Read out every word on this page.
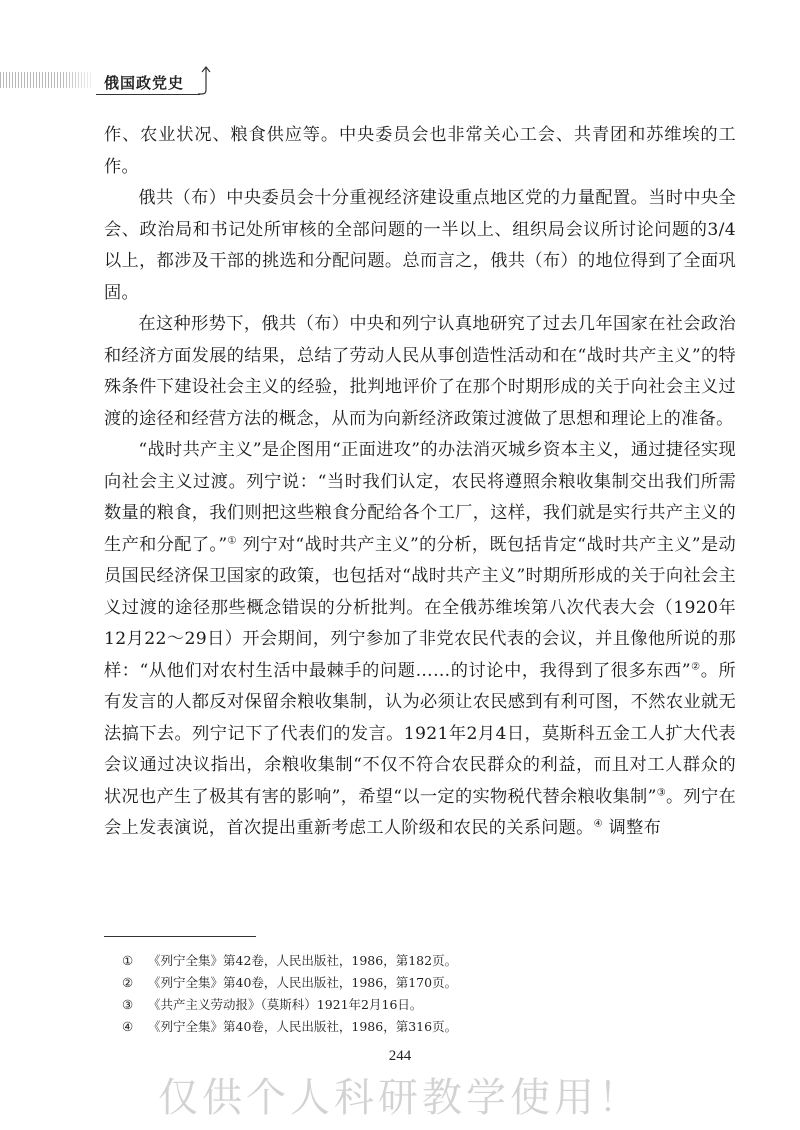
俄国政党史

作、农业状况、粮食供应等。中央委员会也非常关心工会、共青团和苏维埃的工作。

俄共（布）中央委员会十分重视经济建设重点地区党的力量配置。当时中央全会、政治局和书记处所审核的全部问题的一半以上、组织局会议所讨论问题的3/4以上，都涉及干部的挑选和分配问题。总而言之，俄共（布）的地位得到了全面巩固。

在这种形势下，俄共（布）中央和列宁认真地研究了过去几年国家在社会政治和经济方面发展的结果，总结了劳动人民从事创造性活动和在“战时共产主义”的特殊条件下建设社会主义的经验，批判地评价了在那个时期形成的关于向社会主义过渡的途径和经营方法的概念，从而为向新经济政策过渡做了思想和理论上的准备。

“战时共产主义”是企图用“正面进攻”的办法消灭城乡资本主义，通过捷径实现向社会主义过渡。列宁说：“当时我们认定，农民将遵照余粮收集制交出我们所需数量的粮食，我们则把这些粮食分配给各个工厂，这样，我们就是实行共产主义的生产和分配了。”① 列宁对“战时共产主义”的分析，既包括肯定“战时共产主义”是动员国民经济保卫国家的政策，也包括对“战时共产主义”时期所形成的关于向社会主义过渡的途径那些概念错误的分析批判。在全俄苏维埃第八次代表大会（1920年12月22～29日）开会期间，列宁参加了非党农民代表的会议，并且像他所说的那样：“从他们对农村生活中最棘手的问题……的讨论中，我得到了很多东西”②。所有发言的人都反对保留余粮收集制，认为必须让农民感到有利可图，不然农业就无法搞下去。列宁记下了代表们的发言。1921年2月4日，莫斯科五金工人扩大代表会议通过决议指出，余粮收集制“不仅不符合农民群众的利益，而且对工人群众的状况也产生了极其有害的影响”，希望“以一定的实物税代替余粮收集制”③。列宁在会上发表演说，首次提出重新考虑工人阶级和农民的关系问题。④ 调整布

①	《列宁全集》第42卷，人民出版社，1986，第182页。
②	《列宁全集》第40卷，人民出版社，1986，第170页。
③	《共产主义劳动报》（莫斯科）1921年2月16日。
④	《列宁全集》第40卷，人民出版社，1986，第316页。
244
仅供个人科研教学使用！
